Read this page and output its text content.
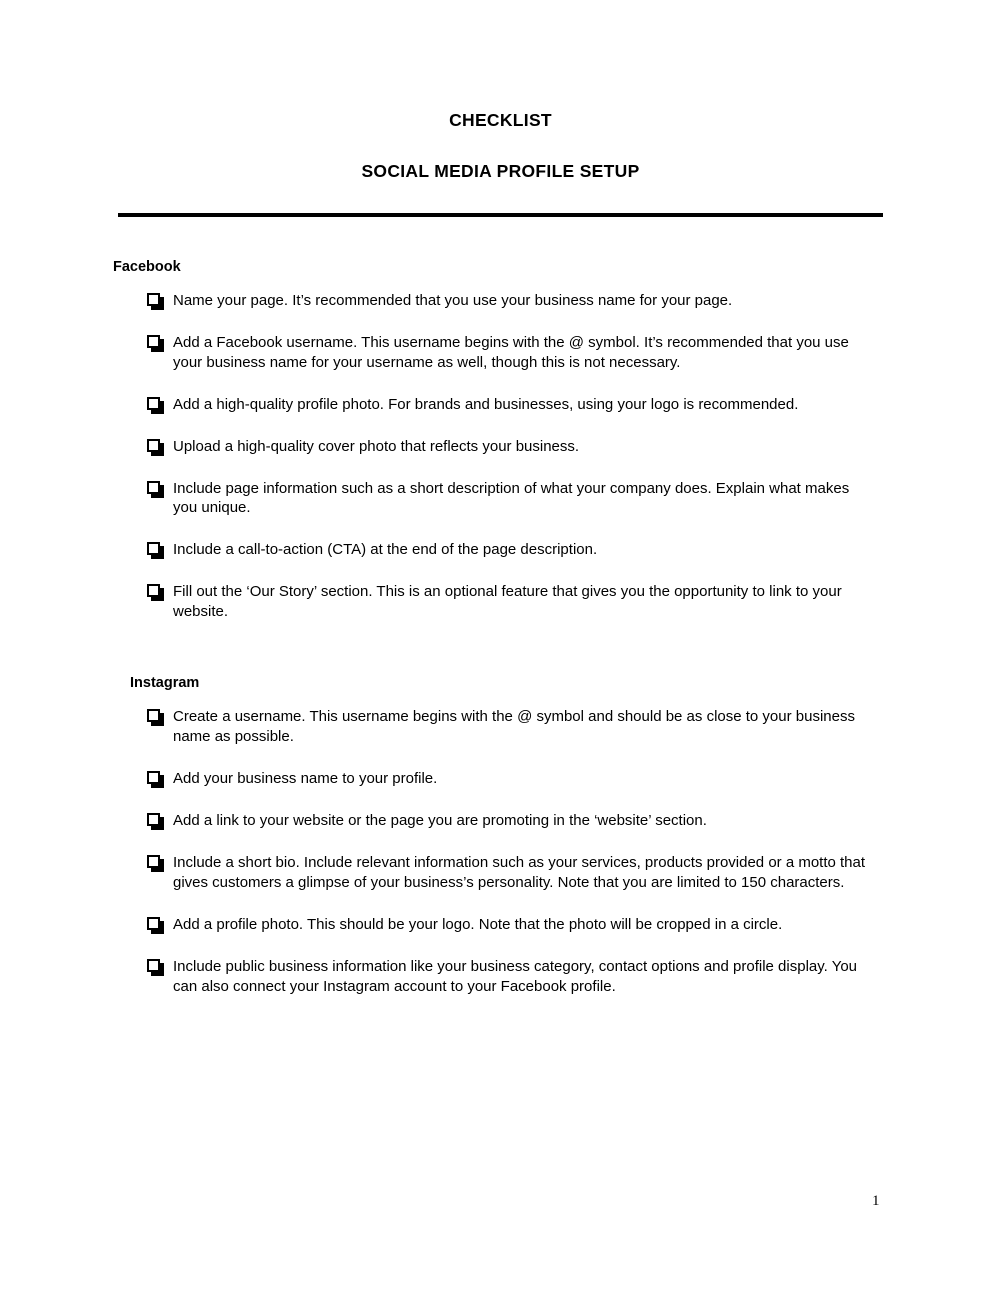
CHECKLIST
SOCIAL MEDIA PROFILE SETUP
Facebook
Name your page. It’s recommended that you use your business name for your page.
Add a Facebook username. This username begins with the @ symbol. It’s recommended that you use your business name for your username as well, though this is not necessary.
Add a high-quality profile photo. For brands and businesses, using your logo is recommended.
Upload a high-quality cover photo that reflects your business.
Include page information such as a short description of what your company does. Explain what makes you unique.
Include a call-to-action (CTA) at the end of the page description.
Fill out the ‘Our Story’ section. This is an optional feature that gives you the opportunity to link to your website.
Instagram
Create a username. This username begins with the @ symbol and should be as close to your business name as possible.
Add your business name to your profile.
Add a link to your website or the page you are promoting in the ‘website’ section.
Include a short bio. Include relevant information such as your services, products provided or a motto that gives customers a glimpse of your business’s personality. Note that you are limited to 150 characters.
Add a profile photo. This should be your logo. Note that the photo will be cropped in a circle.
Include public business information like your business category, contact options and profile display. You can also connect your Instagram account to your Facebook profile.
1
